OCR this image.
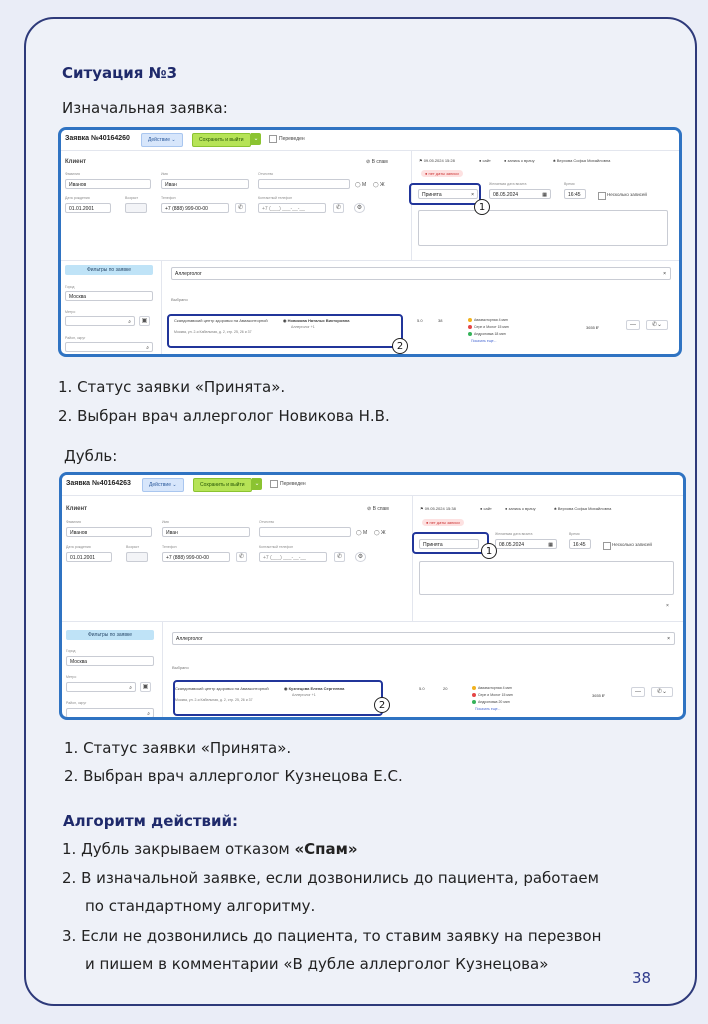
Ситуация №3
Изначальная заявка:
Заявка №40164260	Действие ⌄	Сохранить и выйти	⌄	Переведен
Клиент	⊘ В спам
Фамилия
Иванов
Имя
Иван
Отчество
◯ М ◯ Ж
Дата рождения
01.01.2001
Возраст	Телефон
+7 (888) 999-00-00	✆
Контактный телефон
+7 (___) ___-__-__	✆	⚙
⚑ 09.05.2024 15:28	● сайт	● запись к врачу	♣ Верхова Софья Михайловна
● нет даты записи
Принята	×
Желаемая дата визита
08.05.2024	▦
Время
16:45	Несколько записей
Фильтры по заявке
Город
Москва
Метро
⌕	▣
Район, округ
⌕
Аллерголог	×
Выбрано
Скандинавский центр здоровья на Авиаконторной
Москва, ул. 2-я Кабельная, д. 2, стр. 25, 26 и 37
◉ Новикова Наталья Викторовна
Аллерголог +1
5.0	38	Авиамоторная 4 мин
Серп и Молот 15 мин
Андроновка 18 мин
Показать еще...
3655 ₽	—	✆⌄
1
2
1. Статус заявки «Принята».
2. Выбран врач аллерголог Новикова Н.В.
Дубль:
Заявка №40164263	Действие ⌄	Сохранить и выйти	⌄	Переведен
Клиент	⊘ В спам
Фамилия
Иванов
Имя
Иван
Отчество
◯ М ◯ Ж
Дата рождения
01.01.2001
Возраст	Телефон
+7 (888) 999-00-00	✆
Контактный телефон
+7 (___) ___-__-__	✆	⚙
⚑ 09.05.2024 15:38	● сайт	● запись к врачу	♣ Верхова Софья Михайловна
● нет даты записи
Принята
Желаемая дата визита
08.05.2024	▦
Время
16:45	Несколько записей
×
Фильтры по заявке
Город
Москва
Метро
⌕	▣
Район, округ
⌕
Аллерголог	×
Выбрано
Скандинавский центр здоровья на Авиаконторной
Москва, ул. 2-я Кабельная, д. 2, стр. 25, 26 и 37
◉ Кузнецова Елена Сергеевна
Аллерголог +1
5.0	20	Авиамоторная 4 мин
Серп и Молот 15 мин
Андроновка 20 мин
Показать еще...
3655 ₽
—	✆⌄
1
2
1. Статус заявки «Принята».
2. Выбран врач аллерголог Кузнецова Е.С.
Алгоритм действий:
1. Дубль закрываем отказом «Спам»
2. В изначальной заявке, если дозвонились до пациента, работаем
по стандартному алгоритму.
3. Если не дозвонились до пациента, то ставим заявку на перезвон
и пишем в комментарии «В дубле аллерголог Кузнецова»
38
